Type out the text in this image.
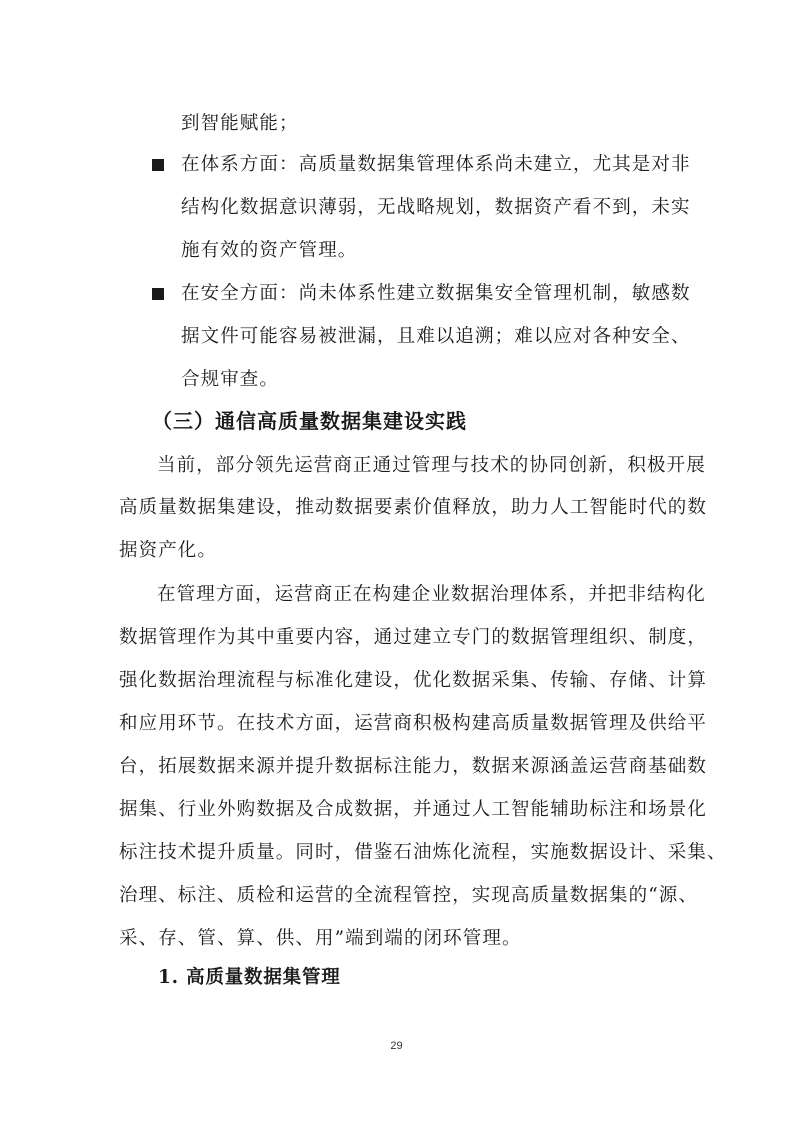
到智能赋能；
在体系方面：高质量数据集管理体系尚未建立，尤其是对非
结构化数据意识薄弱，无战略规划，数据资产看不到，未实
施有效的资产管理。
在安全方面：尚未体系性建立数据集安全管理机制，敏感数
据文件可能容易被泄漏，且难以追溯；难以应对各种安全、
合规审查。
（三）通信高质量数据集建设实践
当前，部分领先运营商正通过管理与技术的协同创新，积极开展
高质量数据集建设，推动数据要素价值释放，助力人工智能时代的数
据资产化。
在管理方面，运营商正在构建企业数据治理体系，并把非结构化
数据管理作为其中重要内容，通过建立专门的数据管理组织、制度，
强化数据治理流程与标准化建设，优化数据采集、传输、存储、计算
和应用环节。在技术方面，运营商积极构建高质量数据管理及供给平
台，拓展数据来源并提升数据标注能力，数据来源涵盖运营商基础数
据集、行业外购数据及合成数据，并通过人工智能辅助标注和场景化
标注技术提升质量。同时，借鉴石油炼化流程，实施数据设计、采集、
治理、标注、质检和运营的全流程管控，实现高质量数据集的“源、
采、存、管、算、供、用”端到端的闭环管理。
1. 高质量数据集管理
29
